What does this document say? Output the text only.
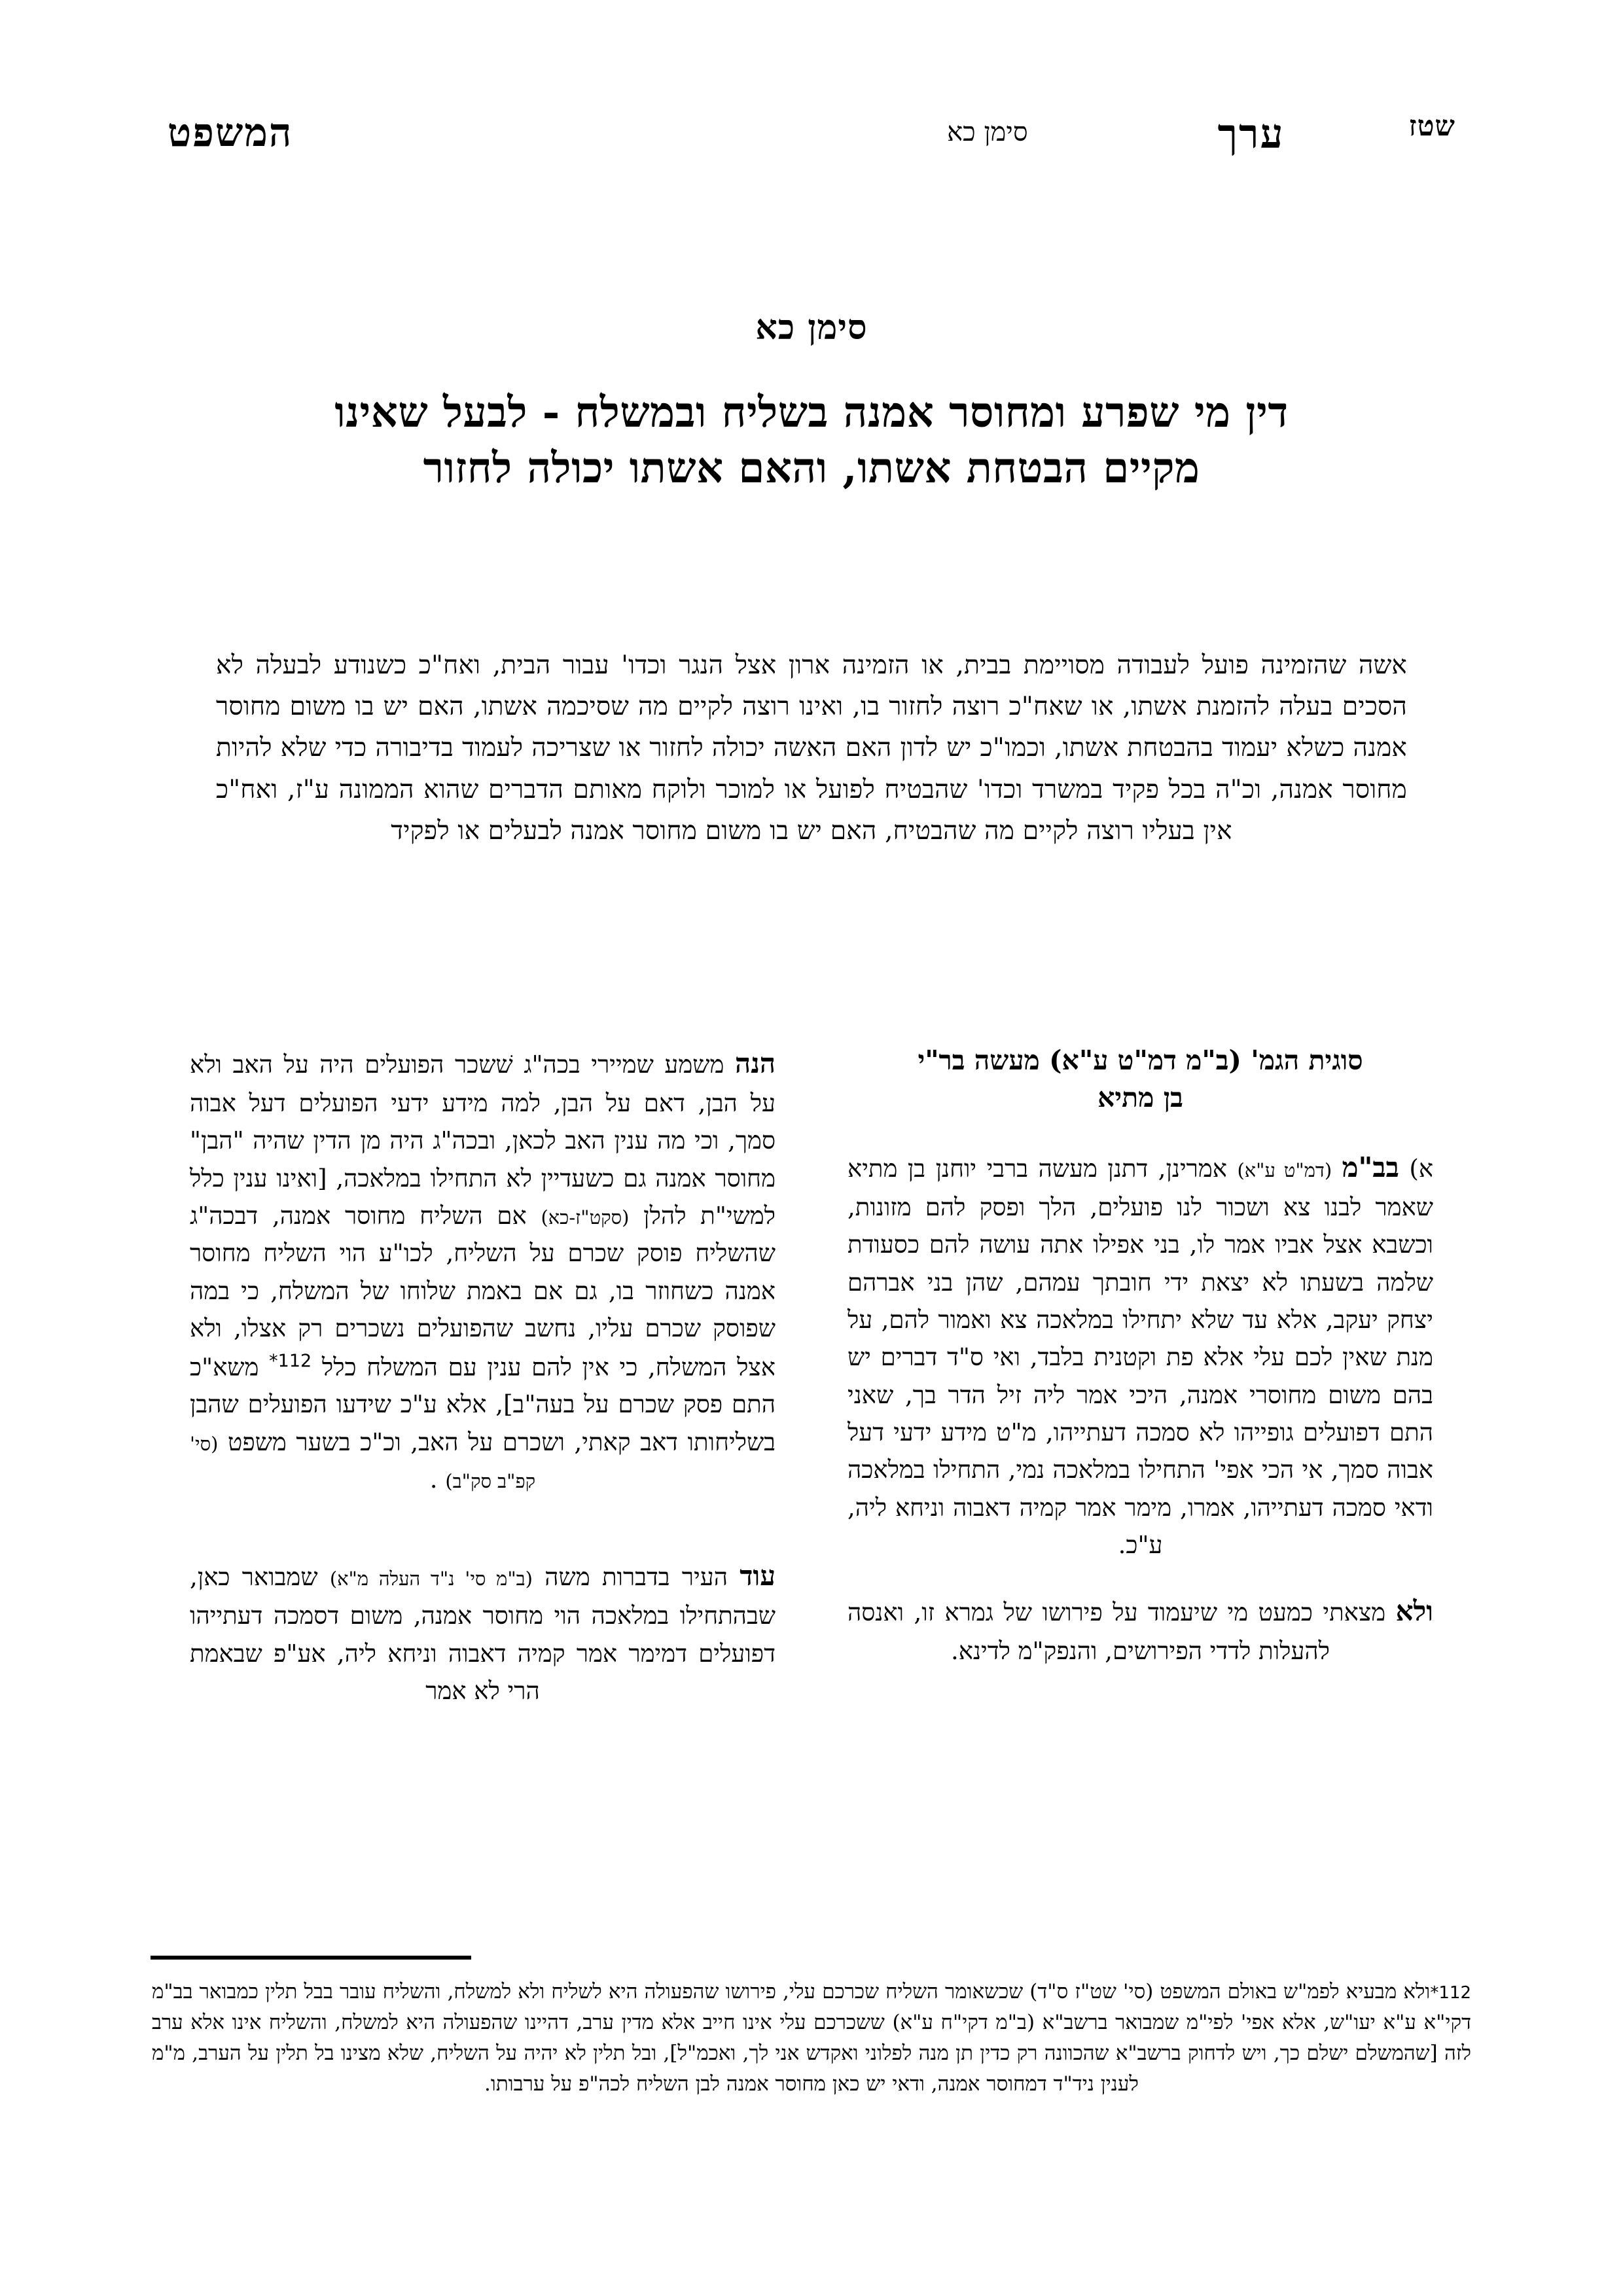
שטז
ערך
סימן כא
המשפט
סימן כא
דין מי שפרע ומחוסר אמנה בשליח ובמשלח - לבעל שאינו
מקיים הבטחת אשתו, והאם אשתו יכולה לחזור
אשה שהזמינה פועל לעבודה מסויימת בבית, או הזמינה ארון אצל הנגר וכדו' עבור הבית, ואח"כ כשנודע לבעלה לא הסכים בעלה להזמנת אשתו, או שאח"כ רוצה לחזור בו, ואינו רוצה לקיים מה שסיכמה אשתו, האם יש בו משום מחוסר אמנה כשלא יעמוד בהבטחת אשתו, וכמו"כ יש לדון האם האשה יכולה לחזור או שצריכה לעמוד בדיבורה כדי שלא להיות מחוסר אמנה, וכ"ה בכל פקיד במשרד וכדו' שהבטיח לפועל או למוכר ולוקח מאותם הדברים שהוא הממונה ע"ז, ואח"כ אין בעליו רוצה לקיים מה שהבטיח, האם יש בו משום מחוסר אמנה לבעלים או לפקיד
סוגית הגמ' (ב"מ דמ"ט ע"א) מעשה בר"י
בן מתיא
א) בב"מ (דמ"ט ע"א) אמרינן, דתנן מעשה ברבי יוחנן בן מתיא שאמר לבנו צא ושכור לנו פועלים, הלך ופסק להם מזונות, וכשבא אצל אביו אמר לו, בני אפילו אתה עושה להם כסעודת שלמה בשעתו לא יצאת ידי חובתך עמהם, שהן בני אברהם יצחק יעקב, אלא עד שלא יתחילו במלאכה צא ואמור להם, על מנת שאין לכם עלי אלא פת וקטנית בלבד, ואי ס"ד דברים יש בהם משום מחוסרי אמנה, היכי אמר ליה זיל הדר בך, שאני התם דפועלים גופייהו לא סמכה דעתייהו, מ"ט מידע ידעי דעל אבוה סמך, אי הכי אפי' התחילו במלאכה נמי, התחילו במלאכה ודאי סמכה דעתייהו, אמרו, מימר אמר קמיה דאבוה וניחא ליה, ע"כ.
ולא מצאתי כמעט מי שיעמוד על פירושו של גמרא זו, ואנסה להעלות לדדי הפירושים, והנפק"מ לדינא.
הנה משמע שמיירי בכה"ג שׁשכר הפועלים היה על האב ולא על הבן, דאם על הבן, למה מידע ידעי הפועלים דעל אבוה סמך, וכי מה ענין האב לכאן, ובכה"ג היה מן הדין שהיה "הבן" מחוסר אמנה גם כשעדיין לא התחילו במלאכה, [ואינו ענין כלל למשי"ת להלן (סקט"ז-כא) אם השליח מחוסר אמנה, דבכה"ג שהשליח פוסק שכרם על השליח, לכו"ע הוי השליח מחוסר אמנה כשחוזר בו, גם אם באמת שלוחו של המשלח, כי במה שפוסק שכרם עליו, נחשב שהפועלים נשכרים רק אצלו, ולא אצל המשלח, כי אין להם ענין עם המשלח כלל $^{112*}$ משא"כ התם פסק שכרם על בעה"ב], אלא ע"כ שידעו הפועלים שהבן בשליחותו דאב קאתי, ושכרם על האב, וכ"כ בשער משפט (סי' קפ"ב סק"ב) .
עוד העיר בדברות משה (ב"מ סי' נ"ד העלה מ"א) שמבואר כאן, שבהתחילו במלאכה הוי מחוסר אמנה, משום דסמכה דעתייהו דפועלים דמימר אמר קמיה דאבוה וניחא ליה, אע"פ שבאמת הרי לא אמר
112*ולא מבעיא לפמ"ש באולם המשפט (סי' שט"ז ס"ד) שכשאומר השליח שכרכם עלי, פירושו שהפעולה היא לשליח ולא למשלח, והשליח עובר בבל תלין כמבואר בב"מ דקי"א ע"א יעו"ש, אלא אפי' לפי"מ שמבואר ברשב"א (ב"מ דקי"ח ע"א) ששכרכם עלי אינו חייב אלא מדין ערב, דהיינו שהפעולה היא למשלח, והשליח אינו אלא ערב לזה [שהמשלם ישלם כך, ויש לדחוק ברשב"א שהכוונה רק כדין תן מנה לפלוני ואקדש אני לך, ואכמ"ל], ובל תלין לא יהיה על השליח, שלא מצינו בל תלין על הערב, מ"מ לענין ניד"ד דמחוסר אמנה, ודאי יש כאן מחוסר אמנה לבן השליח לכה"פ על ערבותו.
